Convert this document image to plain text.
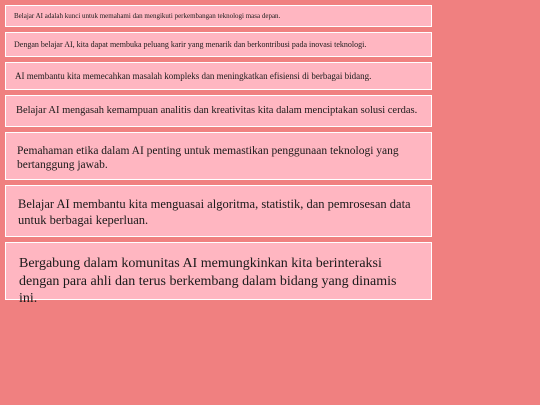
Belajar AI adalah kunci untuk memahami dan mengikuti perkembangan teknologi masa depan.
Dengan belajar AI, kita dapat membuka peluang karir yang menarik dan berkontribusi pada inovasi teknologi.
AI membantu kita memecahkan masalah kompleks dan meningkatkan efisiensi di berbagai bidang.
Belajar AI mengasah kemampuan analitis dan kreativitas kita dalam menciptakan solusi cerdas.
Pemahaman etika dalam AI penting untuk memastikan penggunaan teknologi yang bertanggung jawab.
Belajar AI membantu kita menguasai algoritma, statistik, dan pemrosesan data untuk berbagai keperluan.
Bergabung dalam komunitas AI memungkinkan kita berinteraksi dengan para ahli dan terus berkembang dalam bidang yang dinamis ini.
